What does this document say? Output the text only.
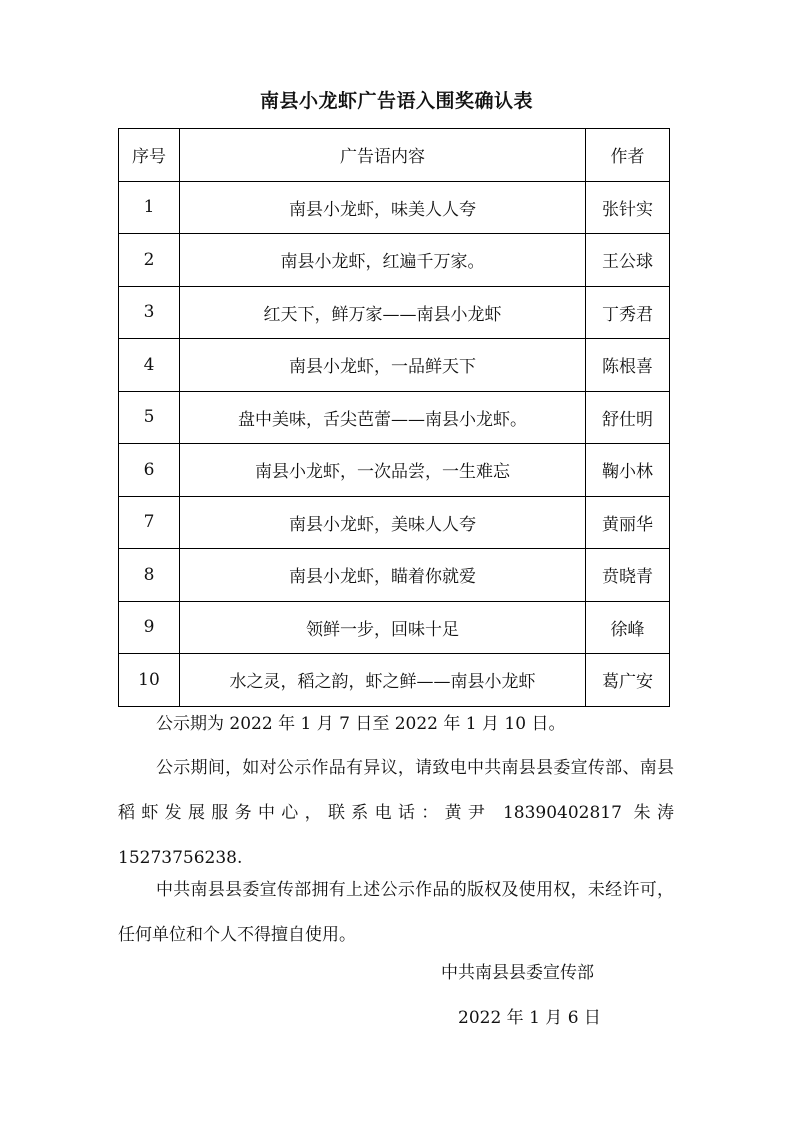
南县小龙虾广告语入围奖确认表
序号	广告语内容	作者
1	南县小龙虾，味美人人夸	张针实
2	南县小龙虾，红遍千万家。	王公球
3	红天下，鲜万家——南县小龙虾	丁秀君
4	南县小龙虾，一品鲜天下	陈根喜
5	盘中美味，舌尖芭蕾——南县小龙虾。	舒仕明
6	南县小龙虾，一次品尝，一生难忘	鞠小林
7	南县小龙虾，美味人人夸	黄丽华
8	南县小龙虾，瞄着你就爱	贲晓青
9	领鲜一步，回味十足	徐峰
10	水之灵，稻之韵，虾之鲜——南县小龙虾	葛广安

公示期为 2022 年 1 月 7 日至 2022 年 1 月 10 日。

公示期间，如对公示作品有异议，请致电中共南县县委宣传部、南县稻虾发展服务中心，联系电话：黄尹 18390402817 朱涛 15273756238.

中共南县县委宣传部拥有上述公示作品的版权及使用权，未经许可，任何单位和个人不得擅自使用。

中共南县县委宣传部
2022 年 1 月 6 日
